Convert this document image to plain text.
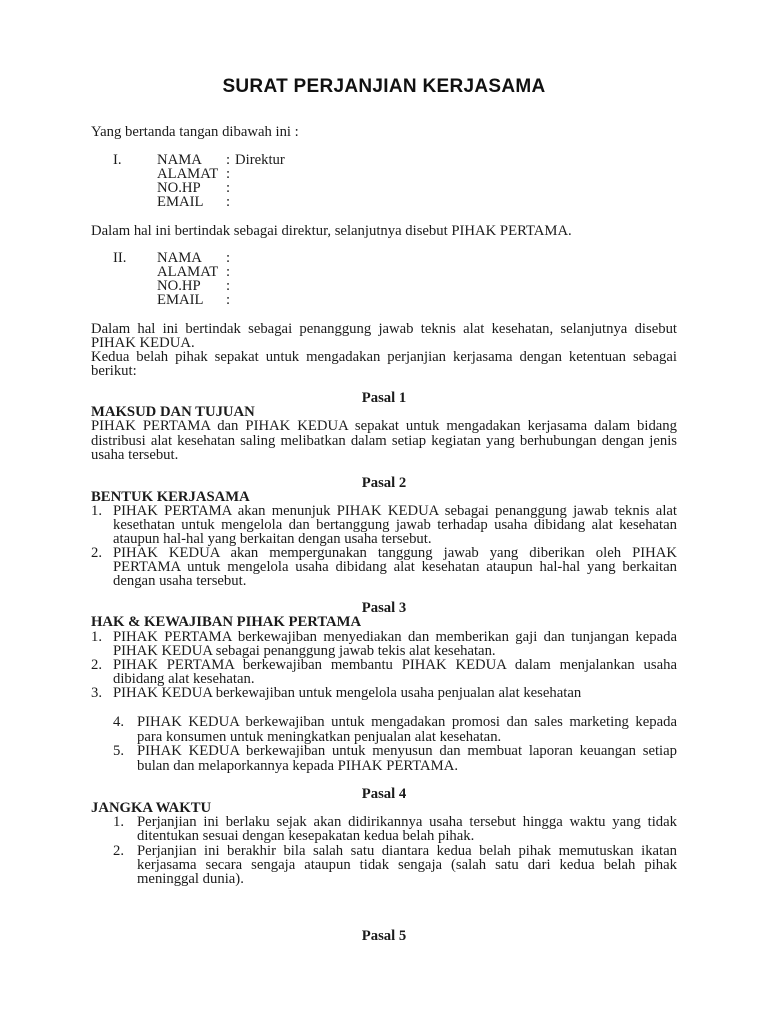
SURAT PERJANJIAN KERJASAMA
Yang bertanda tangan dibawah ini :
I. NAMA : Direktur
ALAMAT :
NO.HP :
EMAIL :
Dalam hal ini bertindak sebagai direktur, selanjutnya disebut PIHAK PERTAMA.
II. NAMA :
ALAMAT :
NO.HP :
EMAIL :
Dalam hal ini bertindak sebagai penanggung jawab teknis alat kesehatan, selanjutnya disebut
PIHAK KEDUA.
Kedua belah pihak sepakat untuk mengadakan perjanjian kerjasama dengan ketentuan sebagai
berikut:
Pasal 1
MAKSUD DAN TUJUAN
PIHAK PERTAMA dan PIHAK KEDUA sepakat untuk mengadakan kerjasama dalam bidang
distribusi alat kesehatan saling melibatkan dalam setiap kegiatan yang berhubungan dengan jenis
usaha tersebut.
Pasal 2
BENTUK KERJASAMA
1. PIHAK PERTAMA akan menunjuk PIHAK KEDUA sebagai penanggung jawab teknis alat
kesethatan untuk mengelola dan bertanggung jawab terhadap usaha dibidang alat kesehatan
ataupun hal-hal yang berkaitan dengan usaha tersebut.
2. PIHAK KEDUA akan mempergunakan tanggung jawab yang diberikan oleh PIHAK
PERTAMA untuk mengelola usaha dibidang alat kesehatan ataupun hal-hal yang berkaitan
dengan usaha tersebut.
Pasal 3
HAK & KEWAJIBAN PIHAK PERTAMA
1. PIHAK PERTAMA berkewajiban menyediakan dan memberikan gaji dan tunjangan kepada
PIHAK KEDUA sebagai penanggung jawab tekis alat kesehatan.
2. PIHAK PERTAMA berkewajiban membantu PIHAK KEDUA dalam menjalankan usaha
dibidang alat kesehatan.
3. PIHAK KEDUA berkewajiban untuk mengelola usaha penjualan alat kesehatan
4. PIHAK KEDUA berkewajiban untuk mengadakan promosi dan sales marketing kepada
para konsumen untuk meningkatkan penjualan alat kesehatan.
5. PIHAK KEDUA berkewajiban untuk menyusun dan membuat laporan keuangan setiap
bulan dan melaporkannya kepada PIHAK PERTAMA.
Pasal 4
JANGKA WAKTU
1. Perjanjian ini berlaku sejak akan didirikannya usaha tersebut hingga waktu yang tidak
ditentukan sesuai dengan kesepakatan kedua belah pihak.
2. Perjanjian ini berakhir bila salah satu diantara kedua belah pihak memutuskan ikatan
kerjasama secara sengaja ataupun tidak sengaja (salah satu dari kedua belah pihak
meninggal dunia).
Pasal 5
